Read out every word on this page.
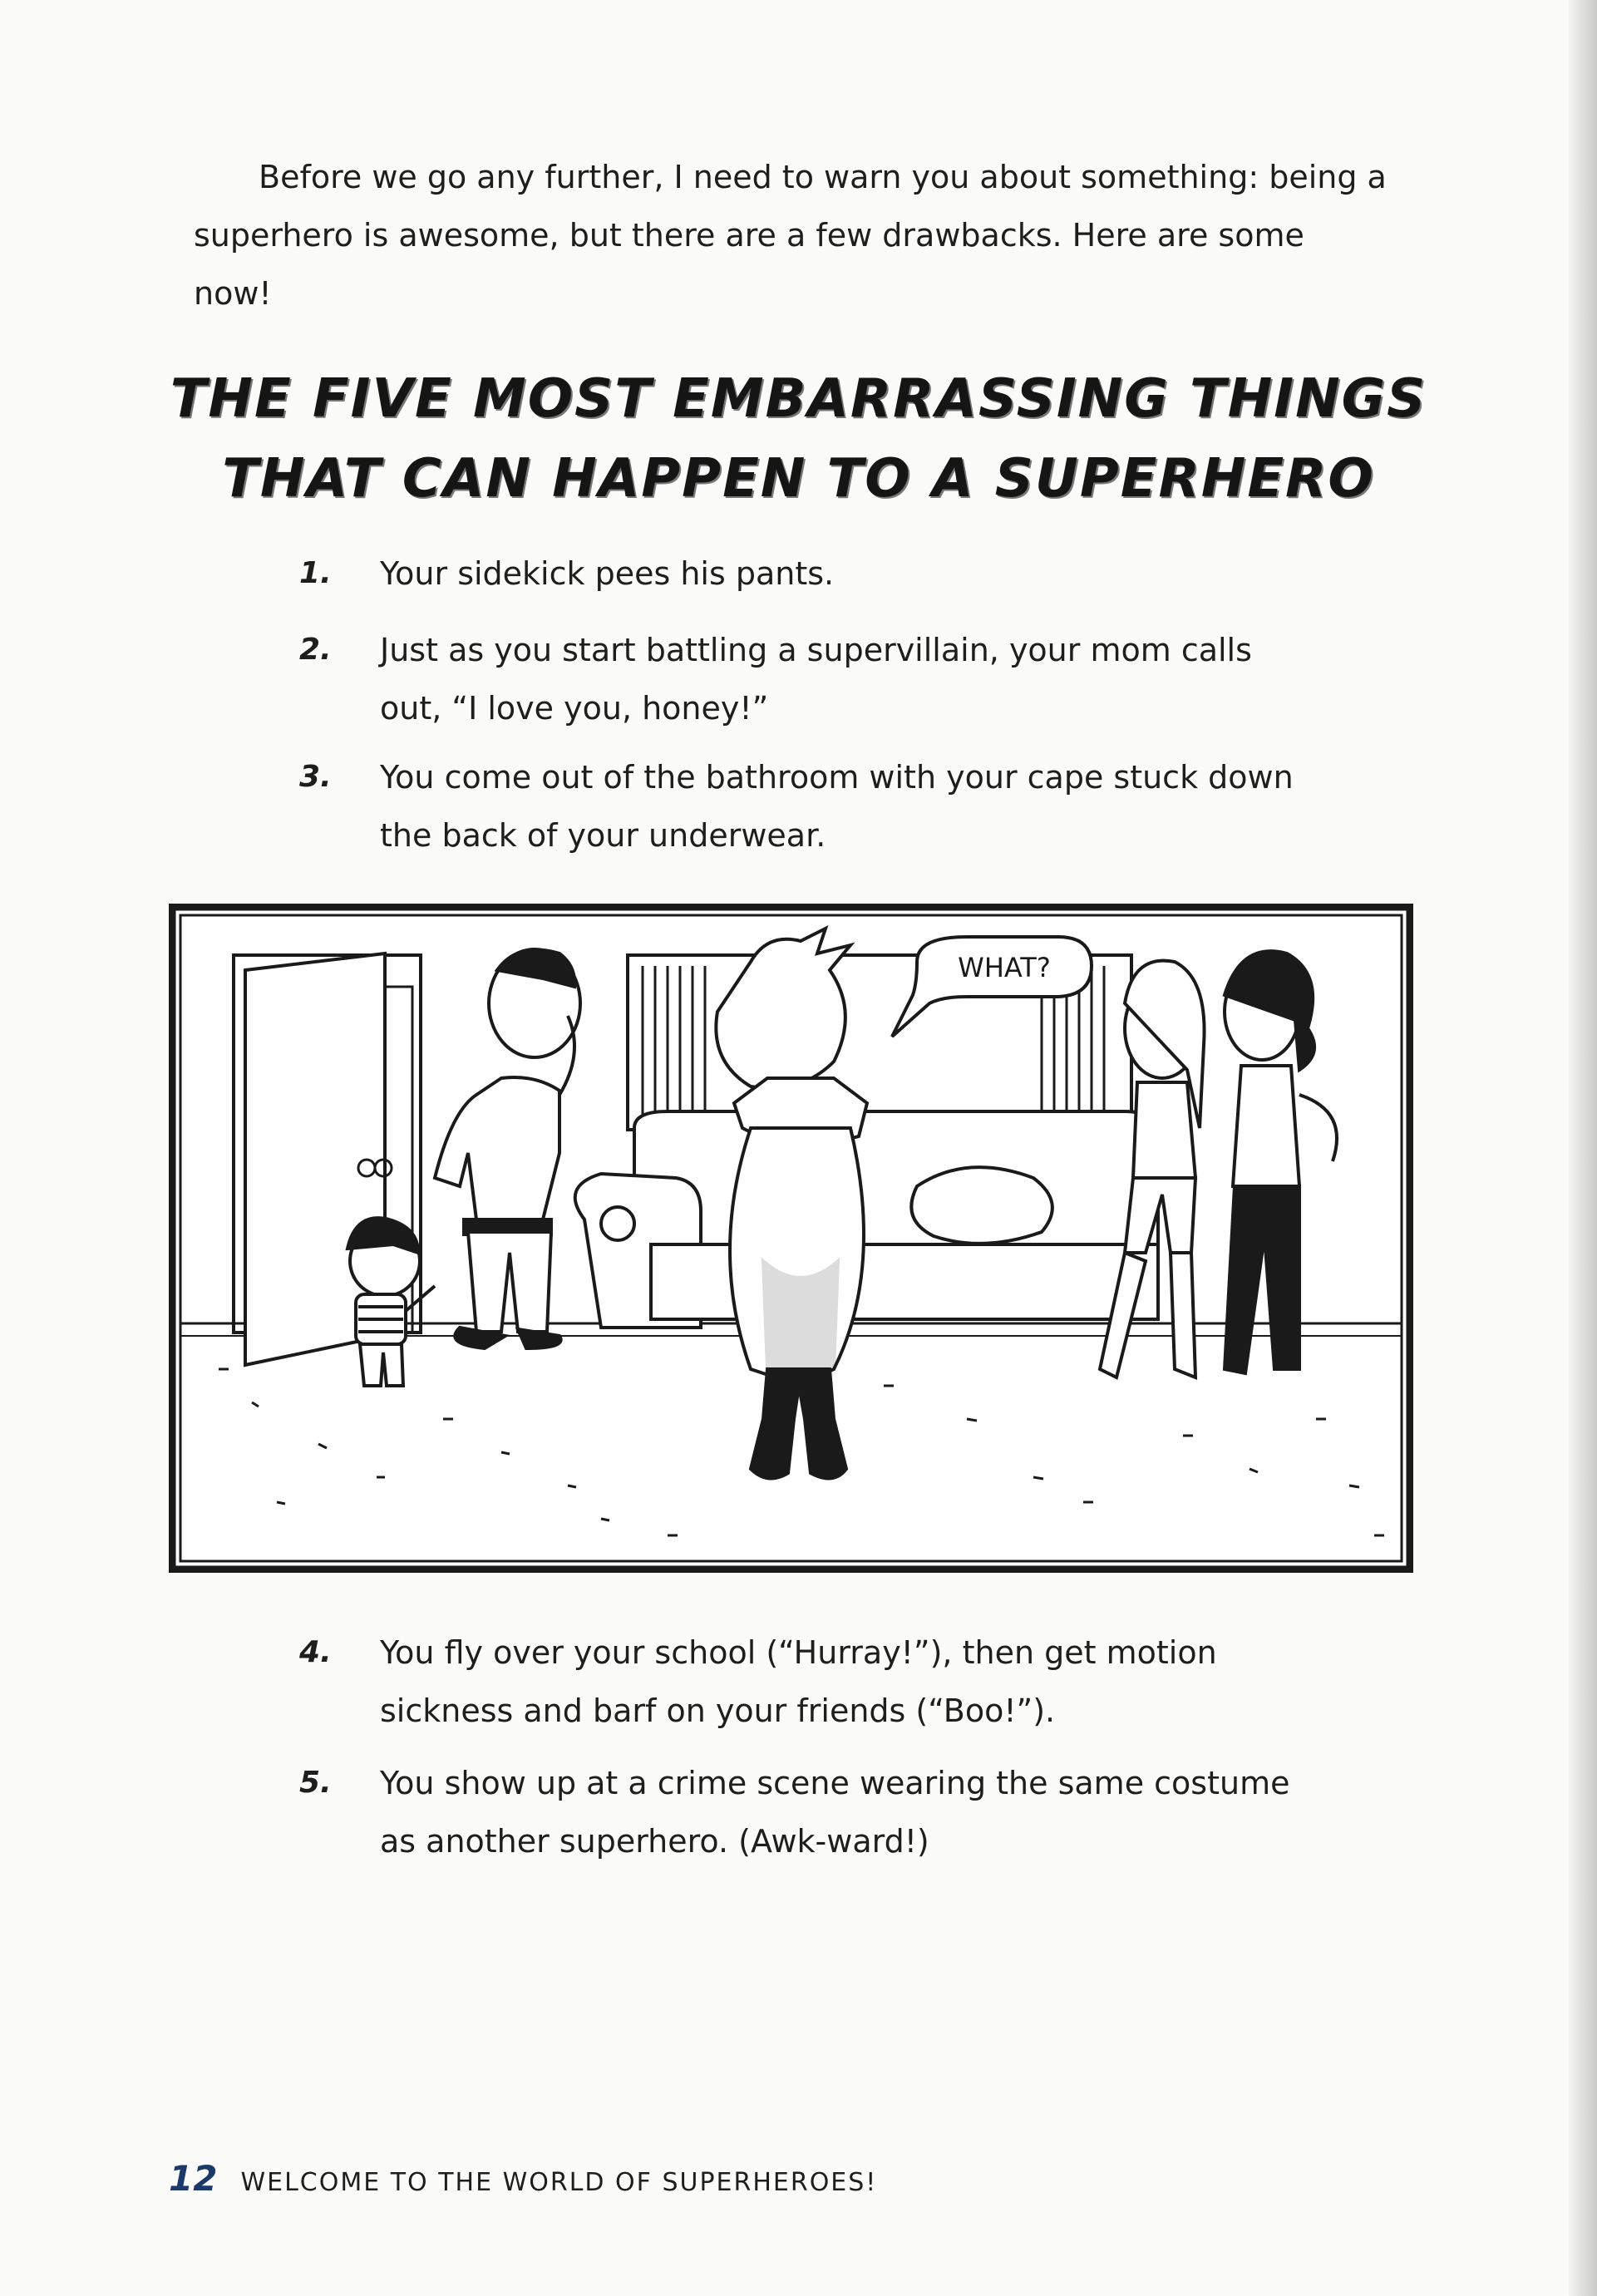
Before we go any further, I need to warn you about something: being a superhero is awesome, but there are a few drawbacks. Here are some now!

THE FIVE MOST EMBARRASSING THINGS
THAT CAN HAPPEN TO A SUPERHERO
1.	Your sidekick pees his pants.
2.	Just as you start battling a supervillain, your mom calls out, “I love you, honey!”
3.	You come out of the bathroom with your cape stuck down the back of your underwear.
WHAT?
4.	You fly over your school (“Hurray!”), then get motion sickness and barf on your friends (“Boo!”).
5.	You show up at a crime scene wearing the same costume as another superhero. (Awk-ward!)
12 WELCOME TO THE WORLD OF SUPERHEROES!
